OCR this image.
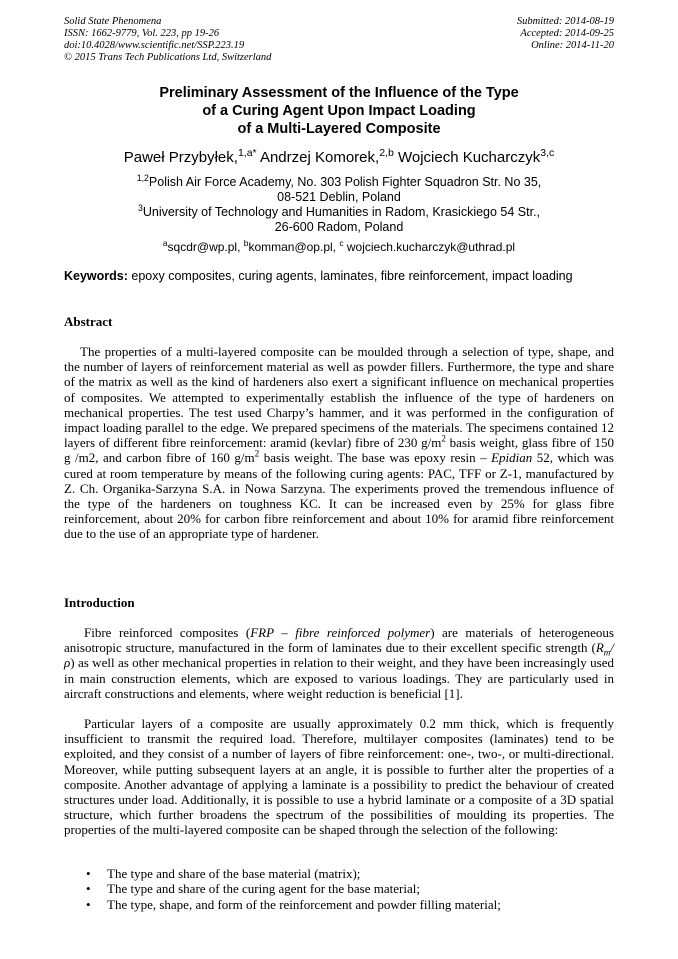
Solid State Phenomena
ISSN: 1662-9779, Vol. 223, pp 19-26
doi:10.4028/www.scientific.net/SSP.223.19
© 2015 Trans Tech Publications Ltd, Switzerland
Submitted: 2014-08-19
Accepted: 2014-09-25
Online: 2014-11-20
Preliminary Assessment of the Influence of the Type
of a Curing Agent Upon Impact Loading
of a Multi-Layered Composite
Paweł Przybyłek,$^{1,a*}$ Andrzej Komorek,$^{2,b}$ Wojciech Kucharczyk$^{3,c}$
$^{1,2}$Polish Air Force Academy, No. 303 Polish Fighter Squadron Str. No 35,
08-521 Deblin, Poland
$^3$University of Technology and Humanities in Radom, Krasickiego 54 Str.,
26-600 Radom, Poland
$^a$sqcdr@wp.pl, $^b$komman@op.pl, $^c$ wojciech.kucharczyk@uthrad.pl
Keywords: epoxy composites, curing agents, laminates, fibre reinforcement, impact loading
Abstract

The properties of a multi-layered composite can be moulded through a selection of type, shape, and the number of layers of reinforcement material as well as powder fillers. Furthermore, the type and share of the matrix as well as the kind of hardeners also exert a significant influence on mechanical properties of composites. We attempted to experimentally establish the influence of the type of hardeners on mechanical properties. The test used Charpy’s hammer, and it was performed in the configuration of impact loading parallel to the edge. We prepared specimens of the materials. The specimens contained 12 layers of different fibre reinforcement: aramid (kevlar) fibre of 230 $g/m^2$ basis weight, glass fibre of 150 g /m2, and carbon fibre of 160 $g/m^2$ basis weight. The base was epoxy resin – Epidian 52, which was cured at room temperature by means of the following curing agents: PAC, TFF or Z-1, manufactured by Z. Ch. Organika-Sarzyna S.A. in Nowa Sarzyna. The experiments proved the tremendous influence of the type of the hardeners on toughness KC. It can be increased even by 25% for glass fibre reinforcement, about 20% for carbon fibre reinforcement and about 10% for aramid fibre reinforcement due to the use of an appropriate type of hardener.

Introduction

Fibre reinforced composites (FRP – fibre reinforced polymer) are materials of heterogeneous anisotropic structure, manufactured in the form of laminates due to their excellent specific strength $(R_m/\rho)$ as well as other mechanical properties in relation to their weight, and they have been increasingly used in main construction elements, which are exposed to various loadings. They are particularly used in aircraft constructions and elements, where weight reduction is beneficial [1].

Particular layers of a composite are usually approximately 0.2 mm thick, which is frequently insufficient to transmit the required load. Therefore, multilayer composites (laminates) tend to be exploited, and they consist of a number of layers of fibre reinforcement: one-, two-, or multi-directional. Moreover, while putting subsequent layers at an angle, it is possible to further alter the properties of a composite. Another advantage of applying a laminate is a possibility to predict the behaviour of created structures under load. Additionally, it is possible to use a hybrid laminate or a composite of a 3D spatial structure, which further broadens the spectrum of the possibilities of moulding its properties. The properties of the multi-layered composite can be shaped through the selection of the following:

• The type and share of the base material (matrix);
• The type and share of the curing agent for the base material;
• The type, shape, and form of the reinforcement and powder filling material;
